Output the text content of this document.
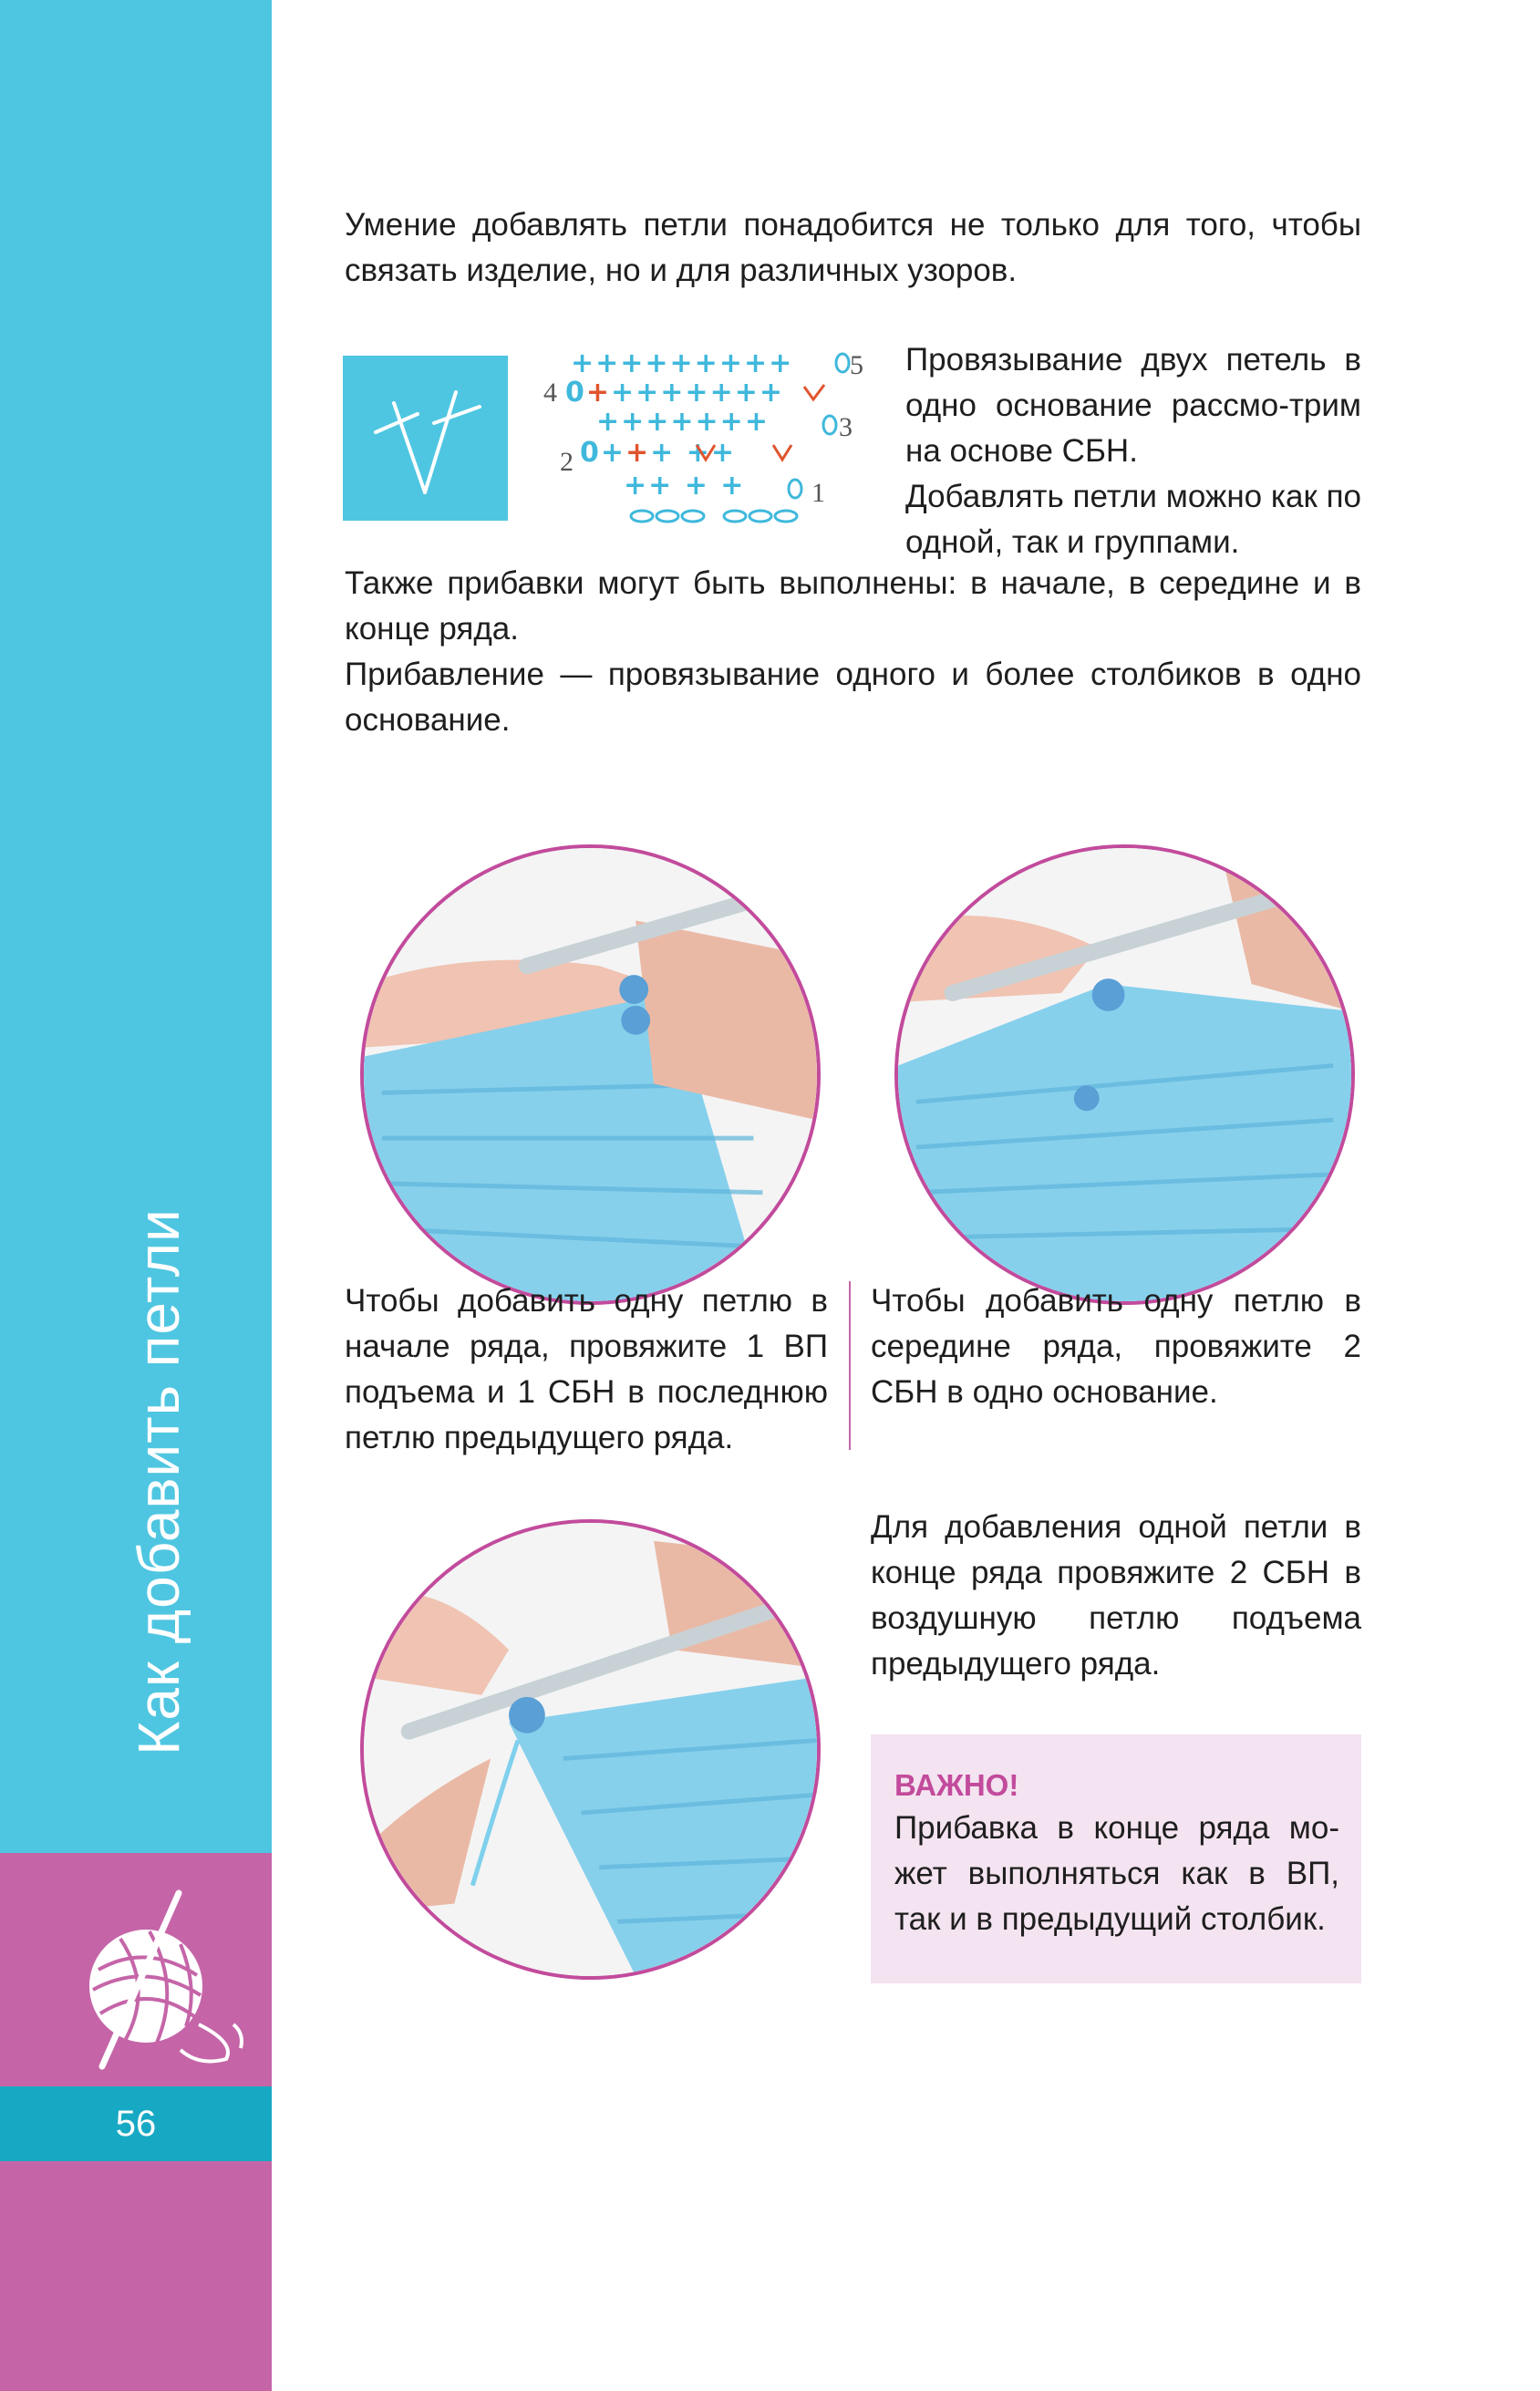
Как добавить петли
56

Умение добавлять петли понадобится не только для того, чтобы связать изделие, но и для различных узоров.

5
4
3
2
1
+++++++++
0++++++++
+++++++
0+++ ++
++ + +

Провязывание двух петель в одно основание рассмо-трим на основе СБН.

Добавлять петли можно как по одной, так и группами.

Также прибавки могут быть выполнены: в начале, в середине и в конце ряда.

Прибавление — провязывание одного и более столбиков в одно основание.

Чтобы добавить одну петлю в начале ряда, провяжите 1 ВП подъема и 1 СБН в последнюю петлю предыдущего ряда.

Чтобы добавить одну петлю в середине ряда, провяжите 2 СБН в одно основание.

Для добавления одной петли в конце ряда провяжите 2 СБН в воздушную петлю подъема предыдущего ряда.

ВАЖНО!
Прибавка в конце ряда мо-жет выполняться как в ВП, так и в предыдущий столбик.
